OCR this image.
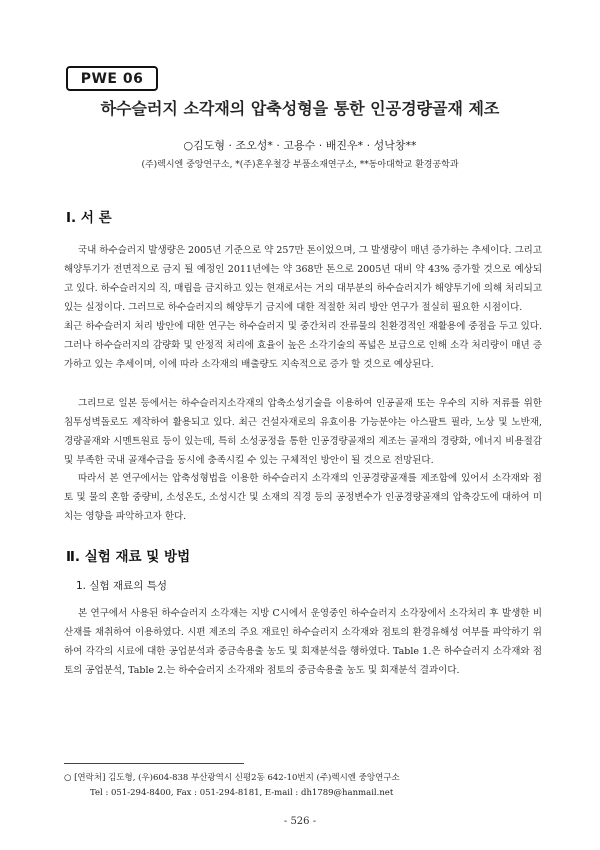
PWE 06
하수슬러지 소각재의 압축성형을 통한 인공경량골재 제조
○김도형 · 조오성* · 고용수 · 배진우* · 성낙창**
(주)렉시엔 중앙연구소, *(주)혼우철강 부품소재연구소, **동아대학교 환경공학과
Ⅰ. 서 론

국내 하수슬러지 발생량은 2005년 기준으로 약 257만 톤이었으며, 그 발생량이 매년 증가하는 추세이다. 그리고 해양투기가 전면적으로 금지 될 예정인 2011년에는 약 368만 톤으로 2005년 대비 약 43% 증가할 것으로 예상되고 있다. 하수슬러지의 직, 매립을 금지하고 있는 현재로서는 거의 대부분의 하수슬러지가 해양투기에 의해 처리되고 있는 실정이다. 그러므로 하수슬러지의 해양투기 금지에 대한 적절한 처리 방안 연구가 절실히 필요한 시점이다.

최근 하수슬러지 처리 방안에 대한 연구는 하수슬러지 및 중간처리 잔류물의 친환경적인 재활용에 중점을 두고 있다. 그러나 하수슬러지의 감량화 및 안정적 처리에 효율이 높은 소각기술의 폭넓은 보급으로 인해 소각 처리량이 매년 증가하고 있는 추세이며, 이에 따라 소각재의 배출량도 지속적으로 증가 할 것으로 예상된다.

그리므로 일본 등에서는 하수슬러지소각재의 압축소성기술을 이용하여 인공골재 또는 우수의 지하 저류를 위한 침투성벽돌로도 제작하여 활용되고 있다. 최근 건설자재로의 유효이용 가능분야는 아스팔트 필라, 노상 및 노반재, 경량골재와 시멘트원료 등이 있는데, 특히 소성공정을 통한 인공경량골재의 제조는 골재의 경량화, 에너지 비용절감 및 부족한 국내 골재수급을 동시에 충족시킬 수 있는 구체적인 방안이 될 것으로 전망된다.

따라서 본 연구에서는 압축성형법을 이용한 하수슬러지 소각재의 인공경량골재를 제조함에 있어서 소각재와 점토 및 물의 혼합 중량비, 소성온도, 소성시간 및 소재의 직경 등의 공정변수가 인공경량골재의 압축강도에 대하여 미치는 영향을 파악하고자 한다.

Ⅱ. 실험 재료 및 방법
1. 실험 재료의 특성

본 연구에서 사용된 하수슬러지 소각재는 지방 C시에서 운영중인 하수슬러지 소각장에서 소각처리 후 발생한 비산재를 채취하여 이용하였다. 시편 제조의 주요 재료인 하수슬러지 소각재와 점토의 환경유해성 여부를 파악하기 위하여 각각의 시료에 대한 공업분석과 중금속용출 농도 및 회재분석을 행하였다. Table 1.은 하수슬러지 소각재와 점토의 공업분석, Table 2.는 하수슬러지 소각재와 점토의 중금속용출 농도 및 회재분석 결과이다.

○ [연락처] 김도형, (우)604-838 부산광역시 신평2동 642-10번지 (주)렉시엔 중앙연구소
Tel : 051-294-8400, Fax : 051-294-8181, E-mail : dh1789@hanmail.net
- 526 -
